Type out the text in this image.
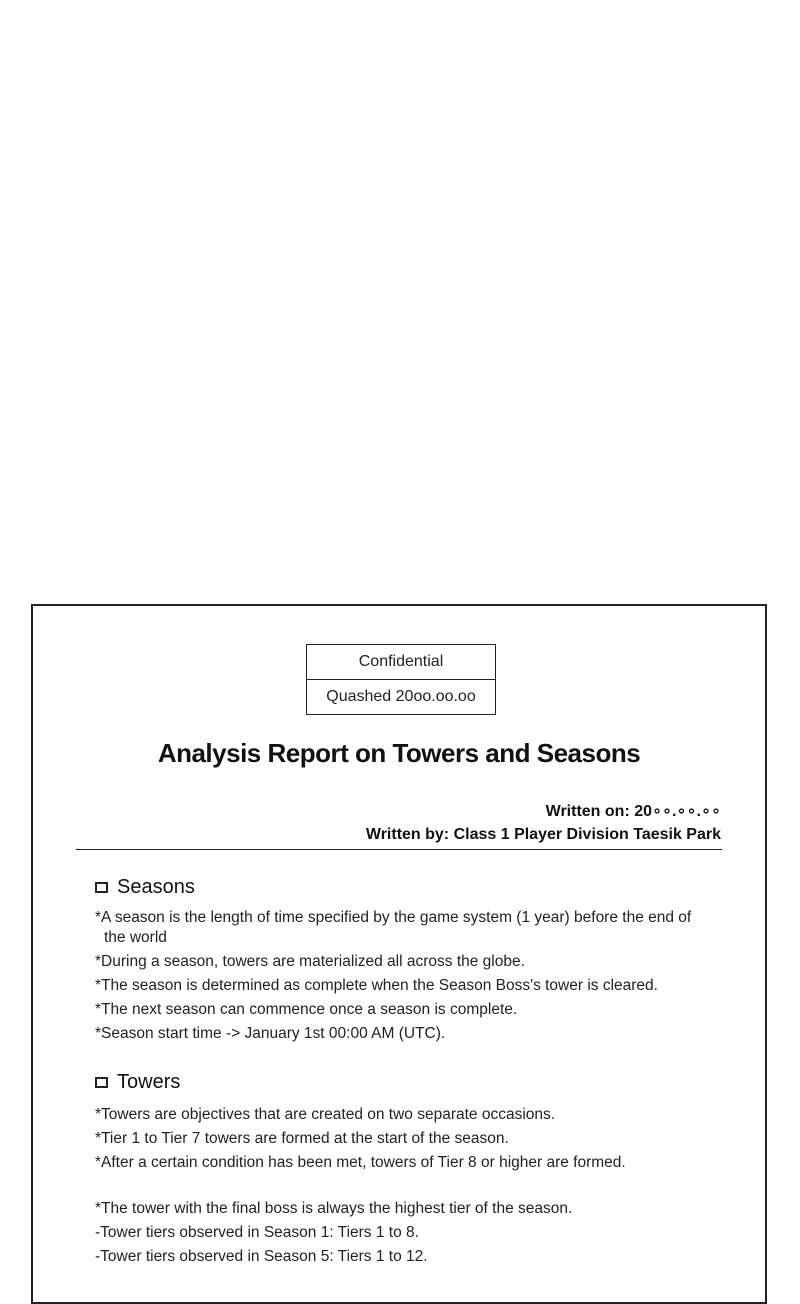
Confidential
Quashed 20oo.oo.oo
Analysis Report on Towers and Seasons
Written on: 20∘∘.∘∘.∘∘
Written by: Class 1 Player Division Taesik Park
Seasons
*A season is the length of time specified by the game system (1 year) before the end of the world
*During a season, towers are materialized all across the globe.
*The season is determined as complete when the Season Boss's tower is cleared.
*The next season can commence once a season is complete.
*Season start time -> January 1st 00:00 AM (UTC).
Towers
*Towers are objectives that are created on two separate occasions.
*Tier 1 to Tier 7 towers are formed at the start of the season.
*After a certain condition has been met, towers of Tier 8 or higher are formed.
*The tower with the final boss is always the highest tier of the season.
-Tower tiers observed in Season 1: Tiers 1 to 8.
-Tower tiers observed in Season 5: Tiers 1 to 12.
